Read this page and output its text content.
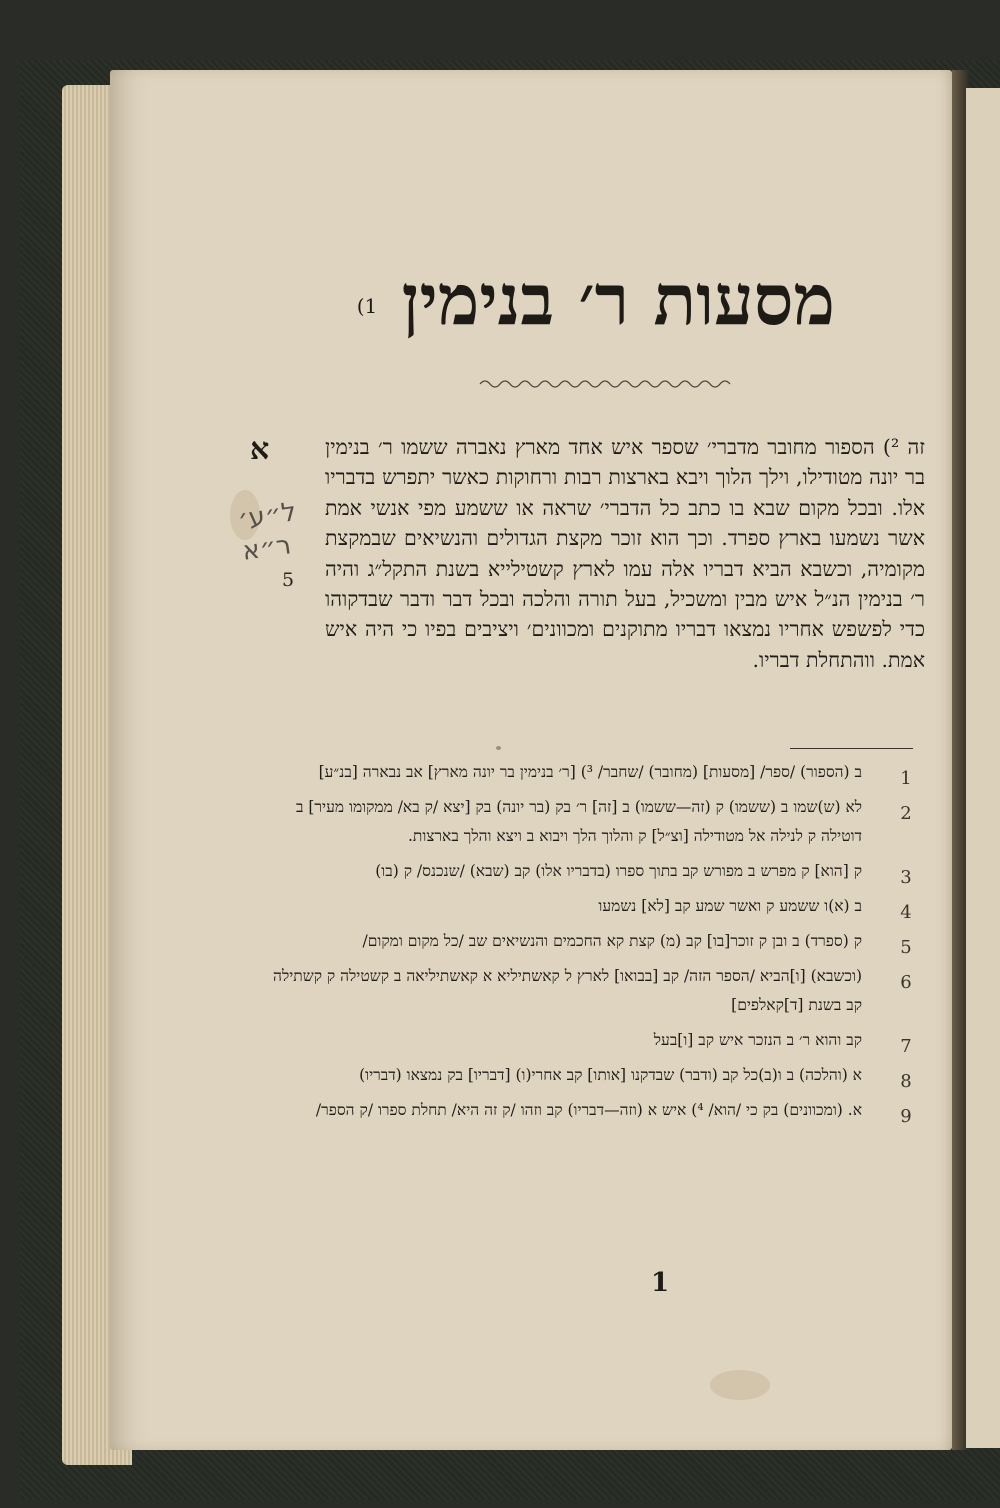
מסעות ר׳ בנימין $^{1)}$
א
ל״ע׳
ר״א
5
זה ²) הספור מחובר מדברי׳ שספר איש אחד מארץ נאברה ששמו ר׳ בנימין בר יונה מטודילו, וילך הלוך ויבא בארצות רבות ורחוקות כאשר יתפרש בדבריו אלו. ובכל מקום שבא בו כתב כל הדברי׳ שראה או ששמע מפי אנשי אמת אשר נשמעו בארץ ספרד. וכך הוא זוכר מקצת הגדולים והנשיאים שבמקצת מקומיה, וכשבא הביא דבריו אלה עמו לארץ קשטילייא בשנת התקל״ג והיה ר׳ בנימין הנ״ל איש מבין ומשכיל, בעל תורה והלכה ובכל דבר ודבר שבדקוהו כדי לפשפש אחריו נמצאו דבריו מתוקנים ומכוונים׳ ויציבים בפיו כי היה איש אמת. ווהתחלת דבריו.
1
ב (הספור) /ספר/ [מסעות] (מחובר) /שחבר/ ³) [ר׳ בנימין בר יונה מארץ] אב נבארה [בנ״ע]
2
לא (ש)שמו ב (ששמו) ק (זה—ששמו) ב [זה] ר׳ בק (בר יונה) בק [יצא /ק בא/ ממקומו מעיר] ב דוטילה ק לנילה אל מטודילה [וצ״ל] ק והלוך הלך ויבוא ב ויצא והלך בארצות.
3
ק [הוא] ק מפרש ב מפורש קב בתוך ספרו (בדבריו אלו) קב (שבא) /שנכנס/ ק (בו)
4
ב (א)ו ששמע ק ואשר שמע קב [לא] נשמעו
5
ק (ספרד) ב ובן ק זוכר[בו] קב (מ) קצת קא החכמים והנשיאים שב /כל מקום ומקום/
6
(וכשבא) [ו]הביא /הספר הזה/ קב [בבואו] לארץ ל קאשתיליא א קאשתיליאה ב קשטילה ק קשתילה קב בשנת [ד]קאלפים]
7
קב והוא ר׳ ב הנזכר איש קב [ו]בעל
8
א (והלכה) ב ו(ב)כל קב (ודבר) שבדקנו [אותו] קב אחרי(ו) [דבריו] בק נמצאו (דבריו)
9
א. (ומכוונים) בק כי /הוא/ ⁴) איש א (וזה—דבריו) קב וזהו /ק זה היא/ תחלת ספרו /ק הספר/
1
